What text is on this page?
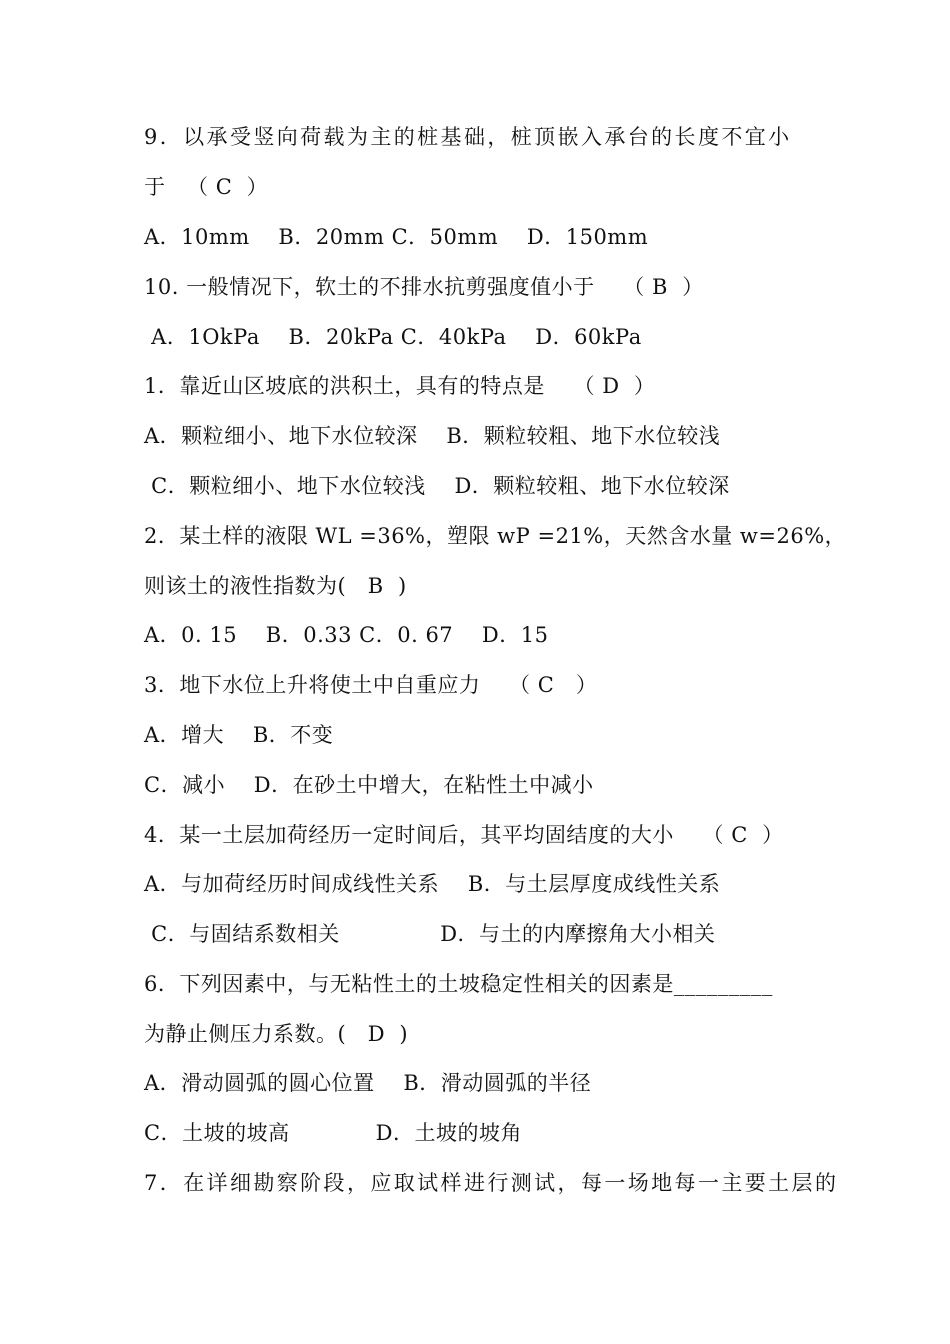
9．以承受竖向荷载为主的桩基础，桩顶嵌入承台的长度不宜小
于   （ C  ）
A．10mm    B．20mm C．50mm    D．150mm
10. 一般情况下，软土的不排水抗剪强度值小于    （ B  ）
A．1OkPa    B．20kPa C．40kPa    D．60kPa
1．靠近山区坡底的洪积土，具有的特点是    （ D  ）
A．颗粒细小、地下水位较深    B．颗粒较粗、地下水位较浅
C．颗粒细小、地下水位较浅    D．颗粒较粗、地下水位较深
2．某土样的液限 WL =36%，塑限 wP =21%，天然含水量 w=26%，
则该土的液性指数为(   B  )
A．0. 15    B．0.33 C．0. 67    D．15
3．地下水位上升将使土中自重应力    （ C   ）
A．增大    B．不变
C．减小    D．在砂土中增大，在粘性土中减小
4．某一土层加荷经历一定时间后，其平均固结度的大小    （ C  ）
A．与加荷经历时间成线性关系    B．与土层厚度成线性关系
C．与固结系数相关              D．与土的内摩擦角大小相关
6．下列因素中，与无粘性土的土坡稳定性相关的因素是_________
为静止侧压力系数。(   D  )
A．滑动圆弧的圆心位置    B．滑动圆弧的半径
C．土坡的坡高            D．土坡的坡角
7．在详细勘察阶段，应取试样进行测试，每一场地每一主要土层的
